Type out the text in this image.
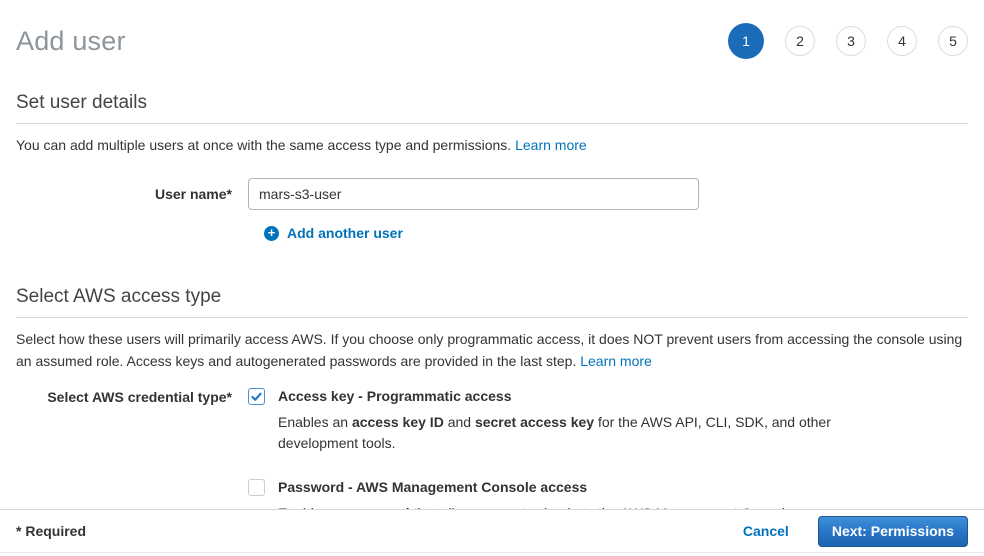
Add user	1	2	3	4	5
Set user details

You can add multiple users at once with the same access type and permissions. Learn more

User name*
mars-s3-user
+ Add another user
Select AWS access type

Select how these users will primarily access AWS. If you choose only programmatic access, it does NOT prevent users from accessing the console using an assumed role. Access keys and autogenerated passwords are provided in the last step. Learn more

Select AWS credential type*	Access key - Programmatic access
Enables an access key ID and secret access key for the AWS API, CLI, SDK, and other development tools.
Password - AWS Management Console access
* Required	Cancel	Next: Permissions
